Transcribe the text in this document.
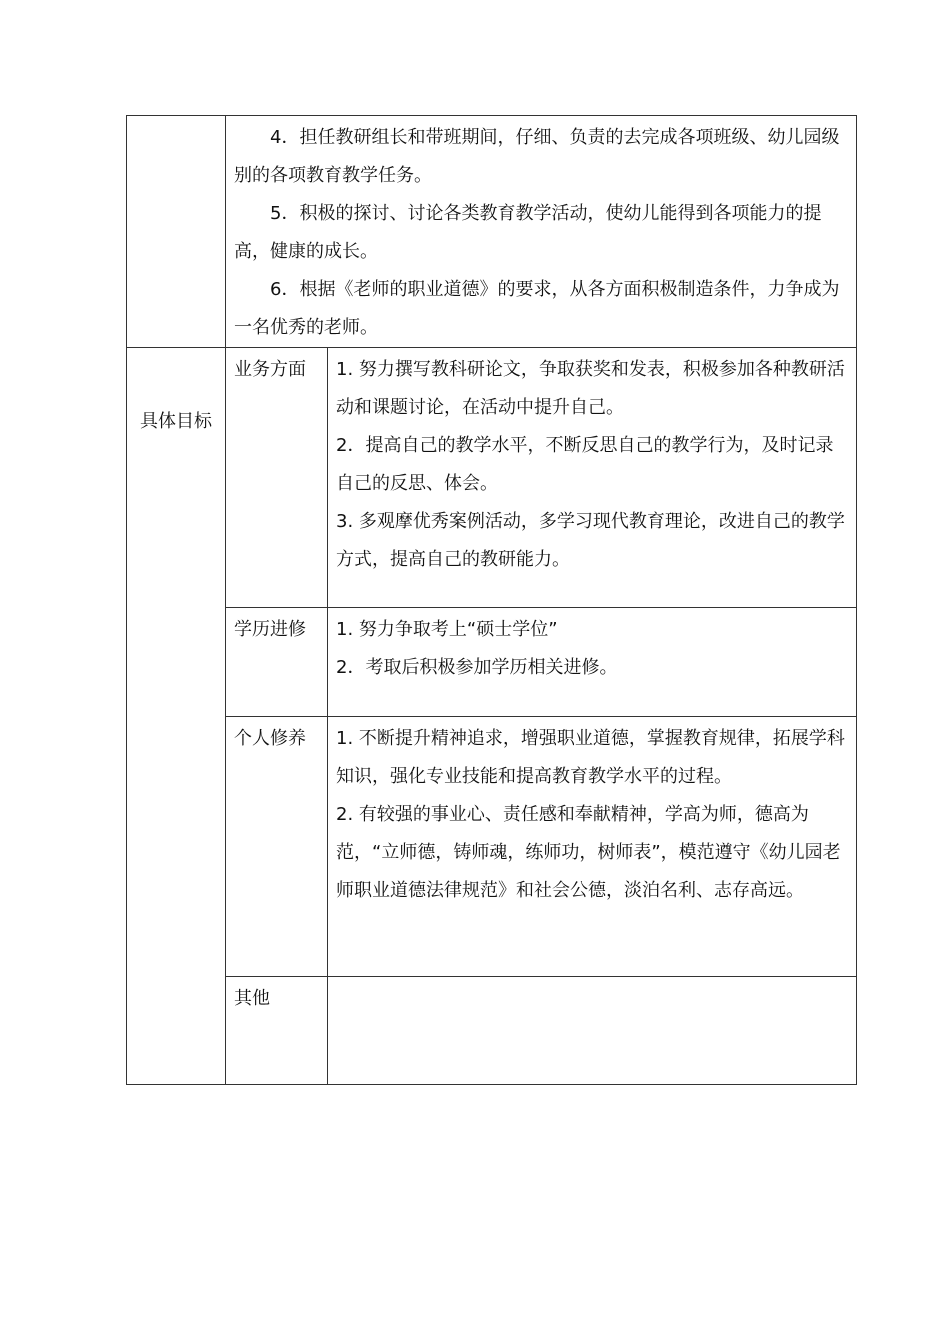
	4．担任教研组长和带班期间，仔细、负责的去完成各项班级、幼儿园级别的各项教育教学任务。

5．积极的探讨、讨论各类教育教学活动，使幼儿能得到各项能力的提高，健康的成长。

6．根据《老师的职业道德》的要求，从各方面积极制造条件，力争成为一名优秀的老师。	

具体目标	业务方面	1. 努力撰写教科研论文，争取获奖和发表，积极参加各种教研活动和课题讨论，在活动中提升自己。

2．提高自己的教学水平，不断反思自己的教学行为，及时记录自己的反思、体会。

3. 多观摩优秀案例活动，多学习现代教育理论，改进自己的教学方式，提高自己的教研能力。

	学历进修	1. 努力争取考上“硕士学位”

2．考取后积极参加学历相关进修。

	个人修养	1. 不断提升精神追求，增强职业道德，掌握教育规律，拓展学科知识，强化专业技能和提高教育教学水平的过程。

2. 有较强的事业心、责任感和奉献精神，学高为师，德高为范，“立师德，铸师魂，练师功，树师表”，模范遵守《幼儿园老师职业道德法律规范》和社会公德，淡泊名利、志存高远。

	其他	
